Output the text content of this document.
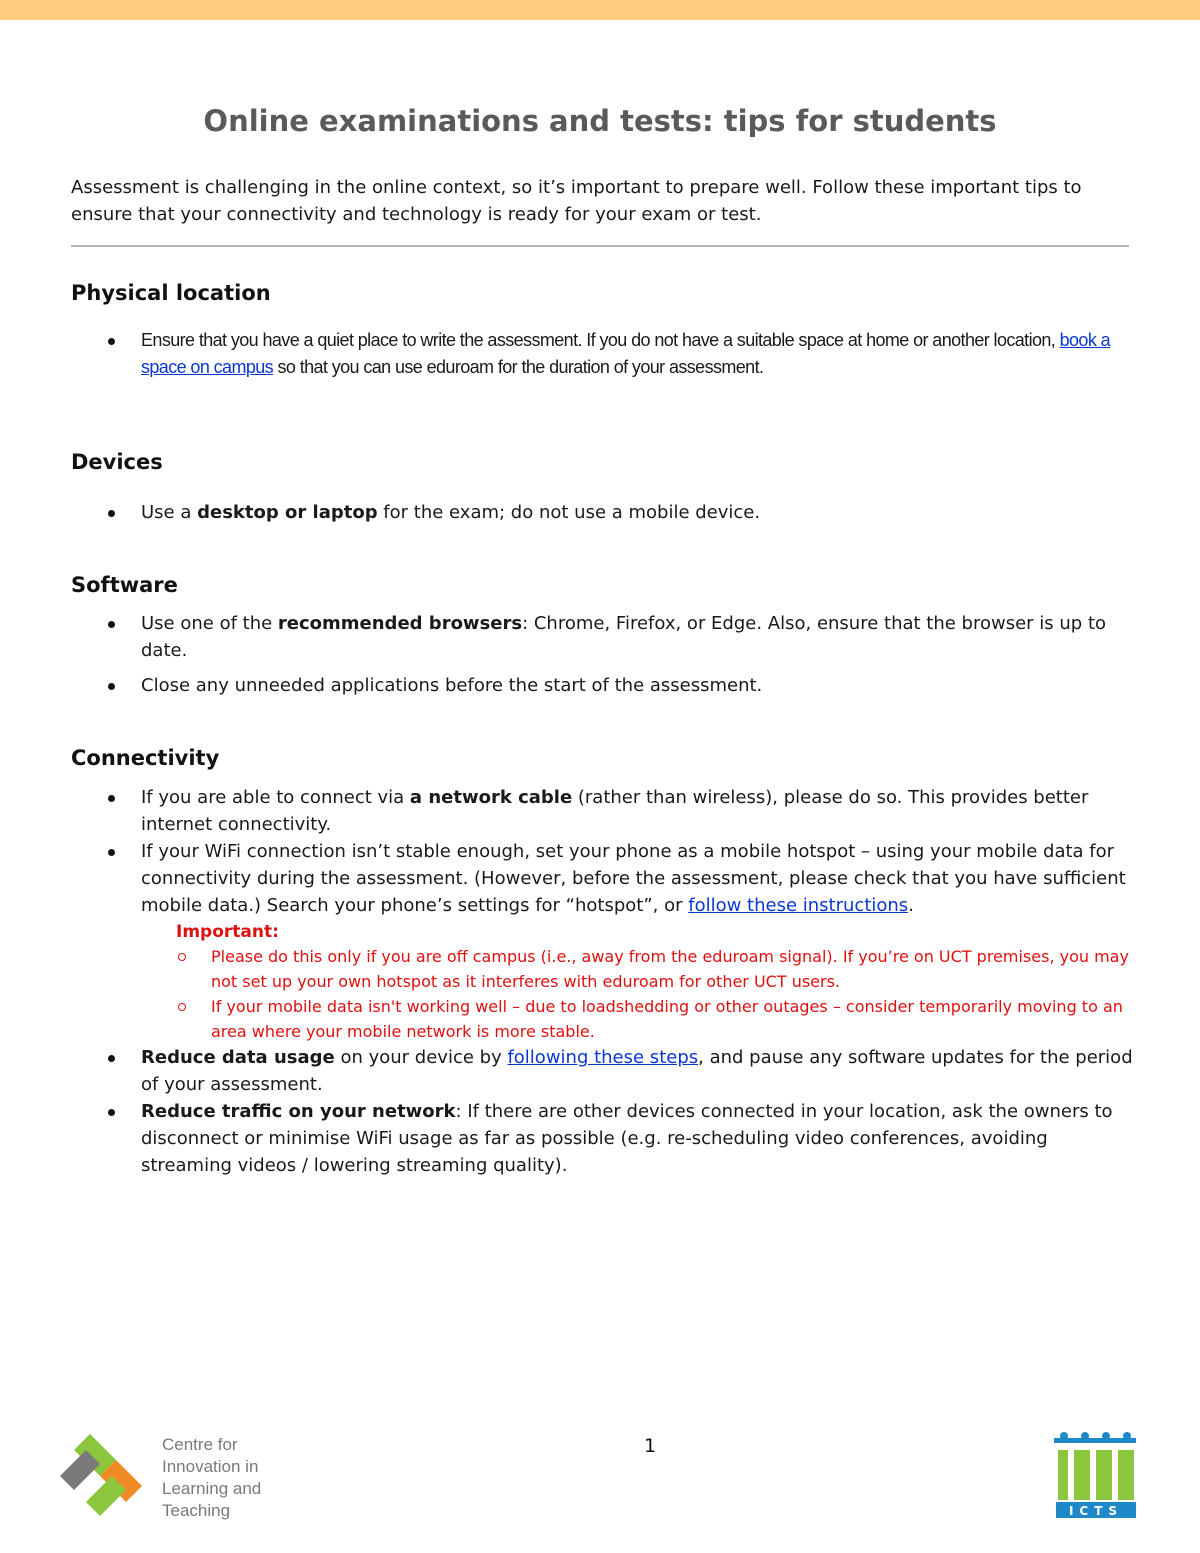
Online examinations and tests: tips for students

Assessment is challenging in the online context, so it’s important to prepare well. Follow these important tips to ensure that your connectivity and technology is ready for your exam or test.

Physical location
Ensure that you have a quiet place to write the assessment. If you do not have a suitable space at home or another location, book a space on campus so that you can use eduroam for the duration of your assessment.
Devices
Use a desktop or laptop for the exam; do not use a mobile device.
Software
Use one of the recommended browsers: Chrome, Firefox, or Edge. Also, ensure that the browser is up to date.
Close any unneeded applications before the start of the assessment.
Connectivity
If you are able to connect via a network cable (rather than wireless), please do so. This provides better internet connectivity.
If your WiFi connection isn’t stable enough, set your phone as a mobile hotspot – using your mobile data for connectivity during the assessment. (However, before the assessment, please check that you have sufficient mobile data.) Search your phone’s settings for “hotspot”, or follow these instructions.
Important:
Please do this only if you are off campus (i.e., away from the eduroam signal). If you’re on UCT premises, you may not set up your own hotspot as it interferes with eduroam for other UCT users.
If your mobile data isn't working well – due to loadshedding or other outages – consider temporarily moving to an area where your mobile network is more stable.
Reduce data usage on your device by following these steps, and pause any software updates for the period of your assessment.
Reduce traffic on your network: If there are other devices connected in your location, ask the owners to disconnect or minimise WiFi usage as far as possible (e.g. re-scheduling video conferences, avoiding streaming videos / lowering streaming quality).
Centre for
Innovation in
Learning and
Teaching
1
ICTS
